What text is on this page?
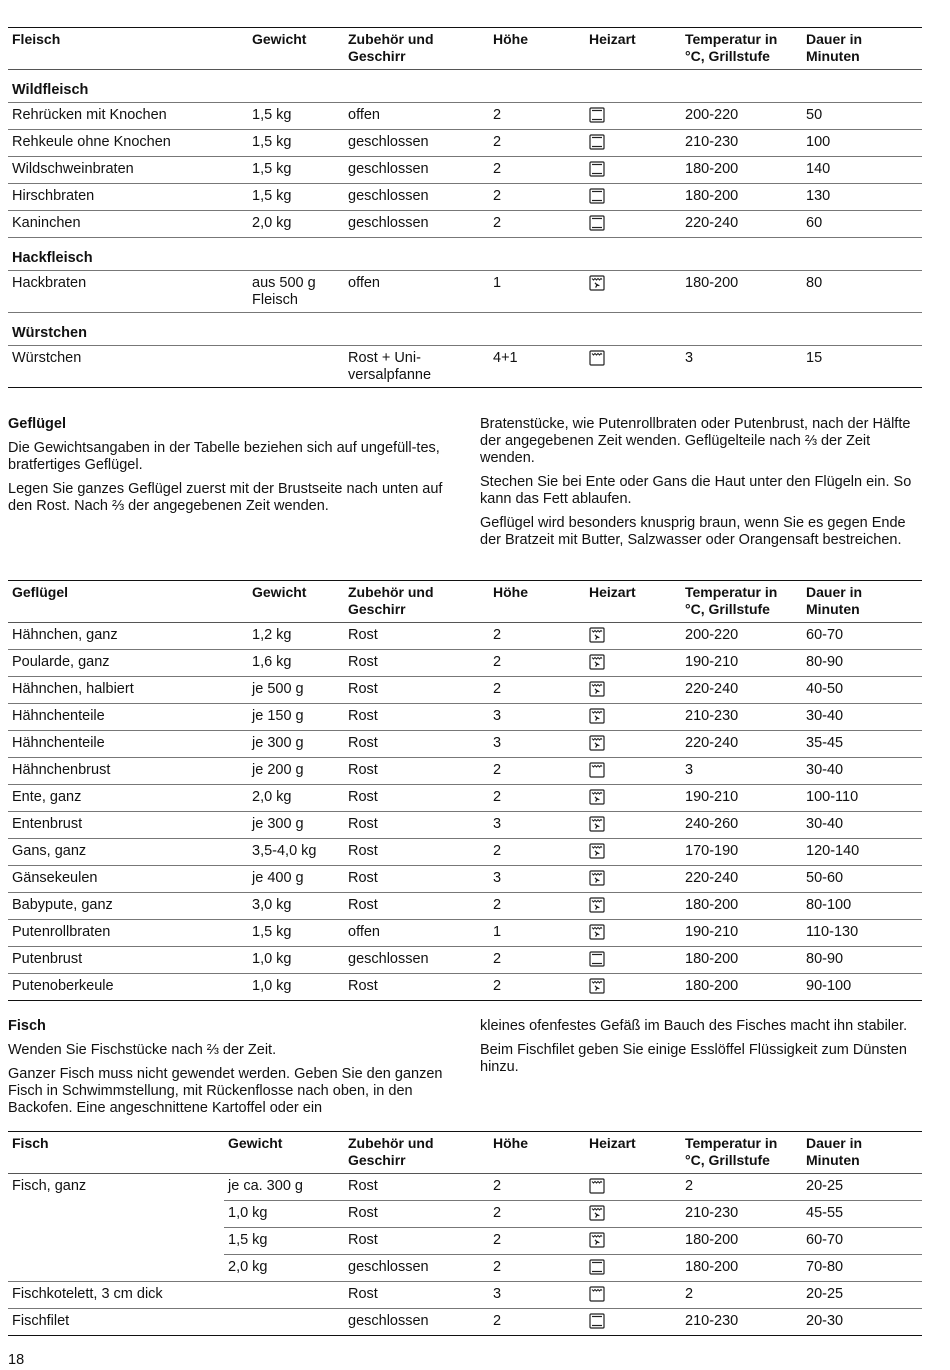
Fleisch	Gewicht	Zubehör und Geschirr	Höhe	Heizart	Temperatur in °C, Grillstufe	Dauer in Minuten
Wildfleisch						
Rehrücken mit Knochen	1,5 kg	offen	2		200-220	50
Rehkeule ohne Knochen	1,5 kg	geschlossen	2		210-230	100
Wildschweinbraten	1,5 kg	geschlossen	2		180-200	140
Hirschbraten	1,5 kg	geschlossen	2		180-200	130
Kaninchen	2,0 kg	geschlossen	2		220-240	60
Hackfleisch						
Hackbraten	aus 500 g Fleisch	offen	1		180-200	80
Würstchen						
Würstchen		Rost + Uni-versalpfanne	4+1		3	15
Geflügel

Die Gewichtsangaben in der Tabelle beziehen sich auf ungefüll-tes, bratfertiges Geflügel.

Legen Sie ganzes Geflügel zuerst mit der Brustseite nach unten auf den Rost. Nach ⅔ der angegebenen Zeit wenden.

Bratenstücke, wie Putenrollbraten oder Putenbrust, nach der Hälfte der angegebenen Zeit wenden. Geflügelteile nach ⅔ der Zeit wenden.

Stechen Sie bei Ente oder Gans die Haut unter den Flügeln ein. So kann das Fett ablaufen.

Geflügel wird besonders knusprig braun, wenn Sie es gegen Ende der Bratzeit mit Butter, Salzwasser oder Orangensaft bestreichen.

Geflügel	Gewicht	Zubehör und Geschirr	Höhe	Heizart	Temperatur in °C, Grillstufe	Dauer in Minuten
Hähnchen, ganz	1,2 kg	Rost	2		200-220	60-70
Poularde, ganz	1,6 kg	Rost	2		190-210	80-90
Hähnchen, halbiert	je 500 g	Rost	2		220-240	40-50
Hähnchenteile	je 150 g	Rost	3		210-230	30-40
Hähnchenteile	je 300 g	Rost	3		220-240	35-45
Hähnchenbrust	je 200 g	Rost	2		3	30-40
Ente, ganz	2,0 kg	Rost	2		190-210	100-110
Entenbrust	je 300 g	Rost	3		240-260	30-40
Gans, ganz	3,5-4,0 kg	Rost	2		170-190	120-140
Gänsekeulen	je 400 g	Rost	3		220-240	50-60
Babypute, ganz	3,0 kg	Rost	2		180-200	80-100
Putenrollbraten	1,5 kg	offen	1		190-210	110-130
Putenbrust	1,0 kg	geschlossen	2		180-200	80-90
Putenoberkeule	1,0 kg	Rost	2		180-200	90-100
Fisch

Wenden Sie Fischstücke nach ⅔ der Zeit.

Ganzer Fisch muss nicht gewendet werden. Geben Sie den ganzen Fisch in Schwimmstellung, mit Rückenflosse nach oben, in den Backofen. Eine angeschnittene Kartoffel oder ein

kleines ofenfestes Gefäß im Bauch des Fisches macht ihn stabiler.

Beim Fischfilet geben Sie einige Esslöffel Flüssigkeit zum Dünsten hinzu.

Fisch	Gewicht	Zubehör und Geschirr	Höhe	Heizart	Temperatur in °C, Grillstufe	Dauer in Minuten
Fisch, ganz	je ca. 300 g	Rost	2		2	20-25
	1,0 kg	Rost	2		210-230	45-55
	1,5 kg	Rost	2		180-200	60-70
	2,0 kg	geschlossen	2		180-200	70-80
Fischkotelett, 3 cm dick		Rost	3		2	20-25
Fischfilet		geschlossen	2		210-230	20-30
18
